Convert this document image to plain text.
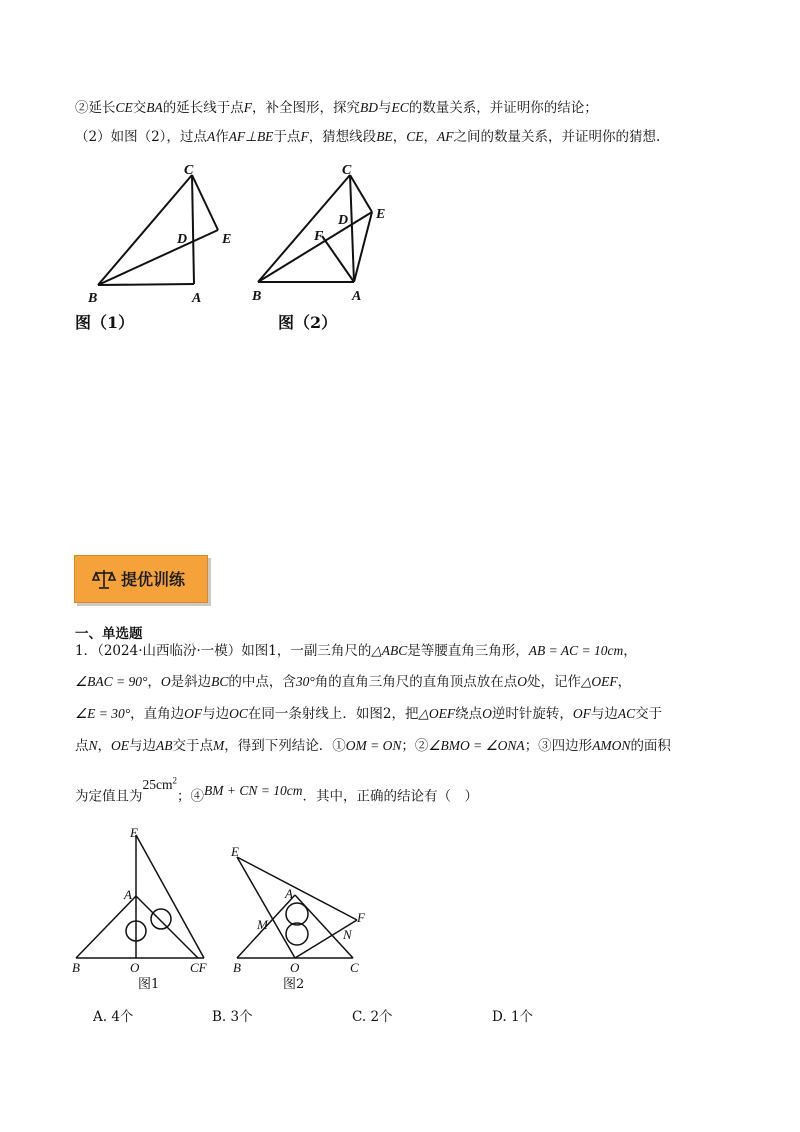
②延长CE交BA的延长线于点F，补全图形，探究BD与EC的数量关系，并证明你的结论；
（2）如图（2），过点A作AF⊥BE于点F，猜想线段BE，CE，AF之间的数量关系，并证明你的猜想.
C
D E
B	A
图（1）
C
D E
F
B	A
图（2）
提优训练
一、单选题
1．（2024·山西临汾·一模）如图1，一副三角尺的△ABC是等腰直角三角形，AB = AC = 10cm，
∠BAC = 90°，O是斜边BC的中点，含30°角的直角三角尺的直角顶点放在点O处，记作△OEF，
∠E = 30°，直角边OF与边OC在同一条射线上．如图2，把△OEF绕点O逆时针旋转，OF与边AC交于
点N，OE与边AB交于点M，得到下列结论．①OM = ON；②∠BMO = ∠ONA；③四边形AMON的面积
为定值且为$25cm^2$；④BM + CN = 10cm．其中，正确的结论有（　）
E
A
B	O	CF
图1
E
A
M	F
N
B	O	C
图2
A. 4个	B. 3个	C. 2个	D. 1个
